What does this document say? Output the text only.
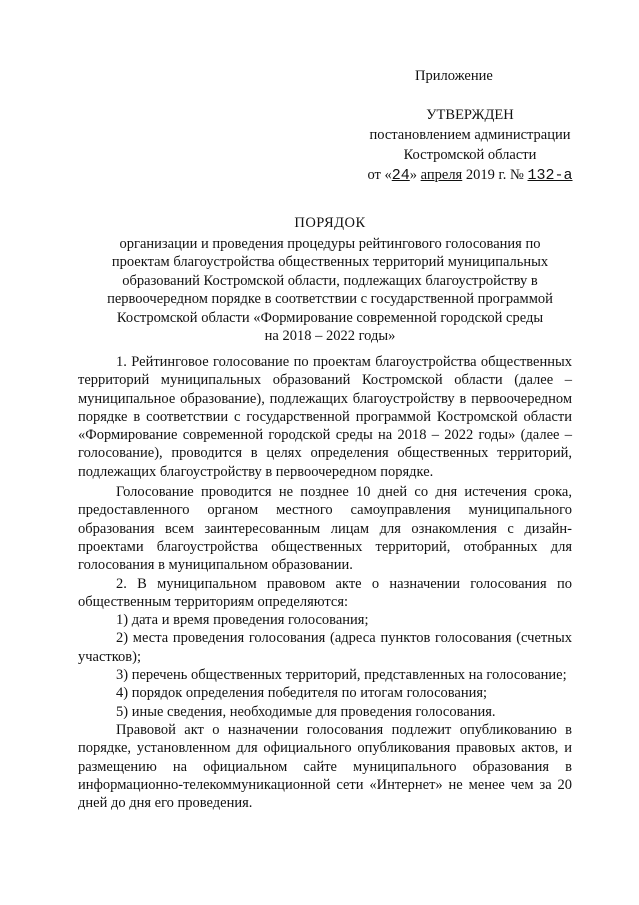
Приложение
УТВЕРЖДЕН
постановлением администрации
Костромской области
от «24» апреля 2019 г. № 132-а
ПОРЯДОК
организации и проведения процедуры рейтингового голосования по
проектам благоустройства общественных территорий муниципальных
образований Костромской области, подлежащих благоустройству в
первоочередном порядке в соответствии с государственной программой
Костромской области «Формирование современной городской среды
на 2018 – 2022 годы»

1. Рейтинговое голосование по проектам благоустройства общественных территорий муниципальных образований Костромской области (далее – муниципальное образование), подлежащих благоустройству в первоочередном порядке в соответствии с государственной программой Костромской области «Формирование современной городской среды на 2018 – 2022 годы» (далее – голосование), проводится в целях определения общественных территорий, подлежащих благоустройству в первоочередном порядке.

Голосование проводится не позднее 10 дней со дня истечения срока, предоставленного органом местного самоуправления муниципального образования всем заинтересованным лицам для ознакомления с дизайн-проектами благоустройства общественных территорий, отобранных для голосования в муниципальном образовании.

2. В муниципальном правовом акте о назначении голосования по общественным территориям определяются:

1) дата и время проведения голосования;

2) места проведения голосования (адреса пунктов голосования (счетных участков);

3) перечень общественных территорий, представленных на голосование;

4) порядок определения победителя по итогам голосования;

5) иные сведения, необходимые для проведения голосования.

Правовой акт о назначении голосования подлежит опубликованию в порядке, установленном для официального опубликования правовых актов, и размещению на официальном сайте муниципального образования в информационно-телекоммуникационной сети «Интернет» не менее чем за 20 дней до дня его проведения.
